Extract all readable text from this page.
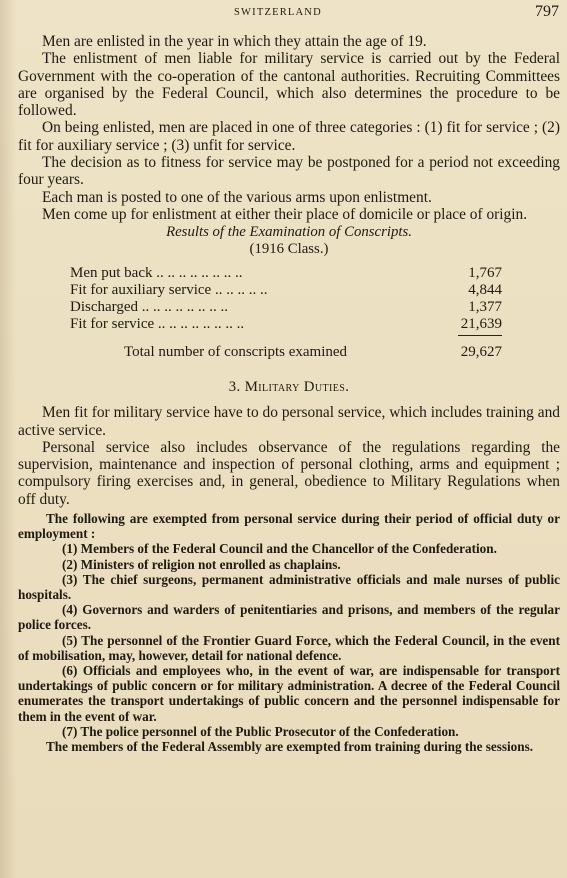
SWITZERLAND	797

Men are enlisted in the year in which they attain the age of 19.

The enlistment of men liable for military service is carried out by the Federal Government with the co-operation of the cantonal authorities. Recruiting Committees are organised by the Federal Council, which also determines the procedure to be followed.

On being enlisted, men are placed in one of three categories : (1) fit for service ; (2) fit for auxiliary service ; (3) unfit for service.

The decision as to fitness for service may be postponed for a period not exceeding four years.

Each man is posted to one of the various arms upon enlistment.

Men come up for enlistment at either their place of domicile or place of origin.

Results of the Examination of Conscripts.

(1916 Class.)

Men put back .. .. .. .. .. .. .. ..	1,767
Fit for auxiliary service .. .. .. .. ..	4,844
Discharged .. .. .. .. .. .. .. ..	1,377
Fit for service .. .. .. .. .. .. .. ..	21,639
Total number of conscripts examined	29,627

3. Military Duties.

Men fit for military service have to do personal service, which includes training and active service.

Personal service also includes observance of the regulations regarding the supervision, maintenance and inspection of personal clothing, arms and equipment ; compulsory firing exercises and, in general, obedience to Military Regulations when off duty.

The following are exempted from personal service during their period of official duty or employment :

(1) Members of the Federal Council and the Chancellor of the Confederation.

(2) Ministers of religion not enrolled as chaplains.

(3) The chief surgeons, permanent administrative officials and male nurses of public hospitals.

(4) Governors and warders of penitentiaries and prisons, and members of the regular police forces.

(5) The personnel of the Frontier Guard Force, which the Federal Council, in the event of mobilisation, may, however, detail for national defence.

(6) Officials and employees who, in the event of war, are indispensable for transport undertakings of public concern or for military administration. A decree of the Federal Council enumerates the transport undertakings of public concern and the personnel indispensable for them in the event of war.

(7) The police personnel of the Public Prosecutor of the Confederation.

The members of the Federal Assembly are exempted from training during the sessions.
